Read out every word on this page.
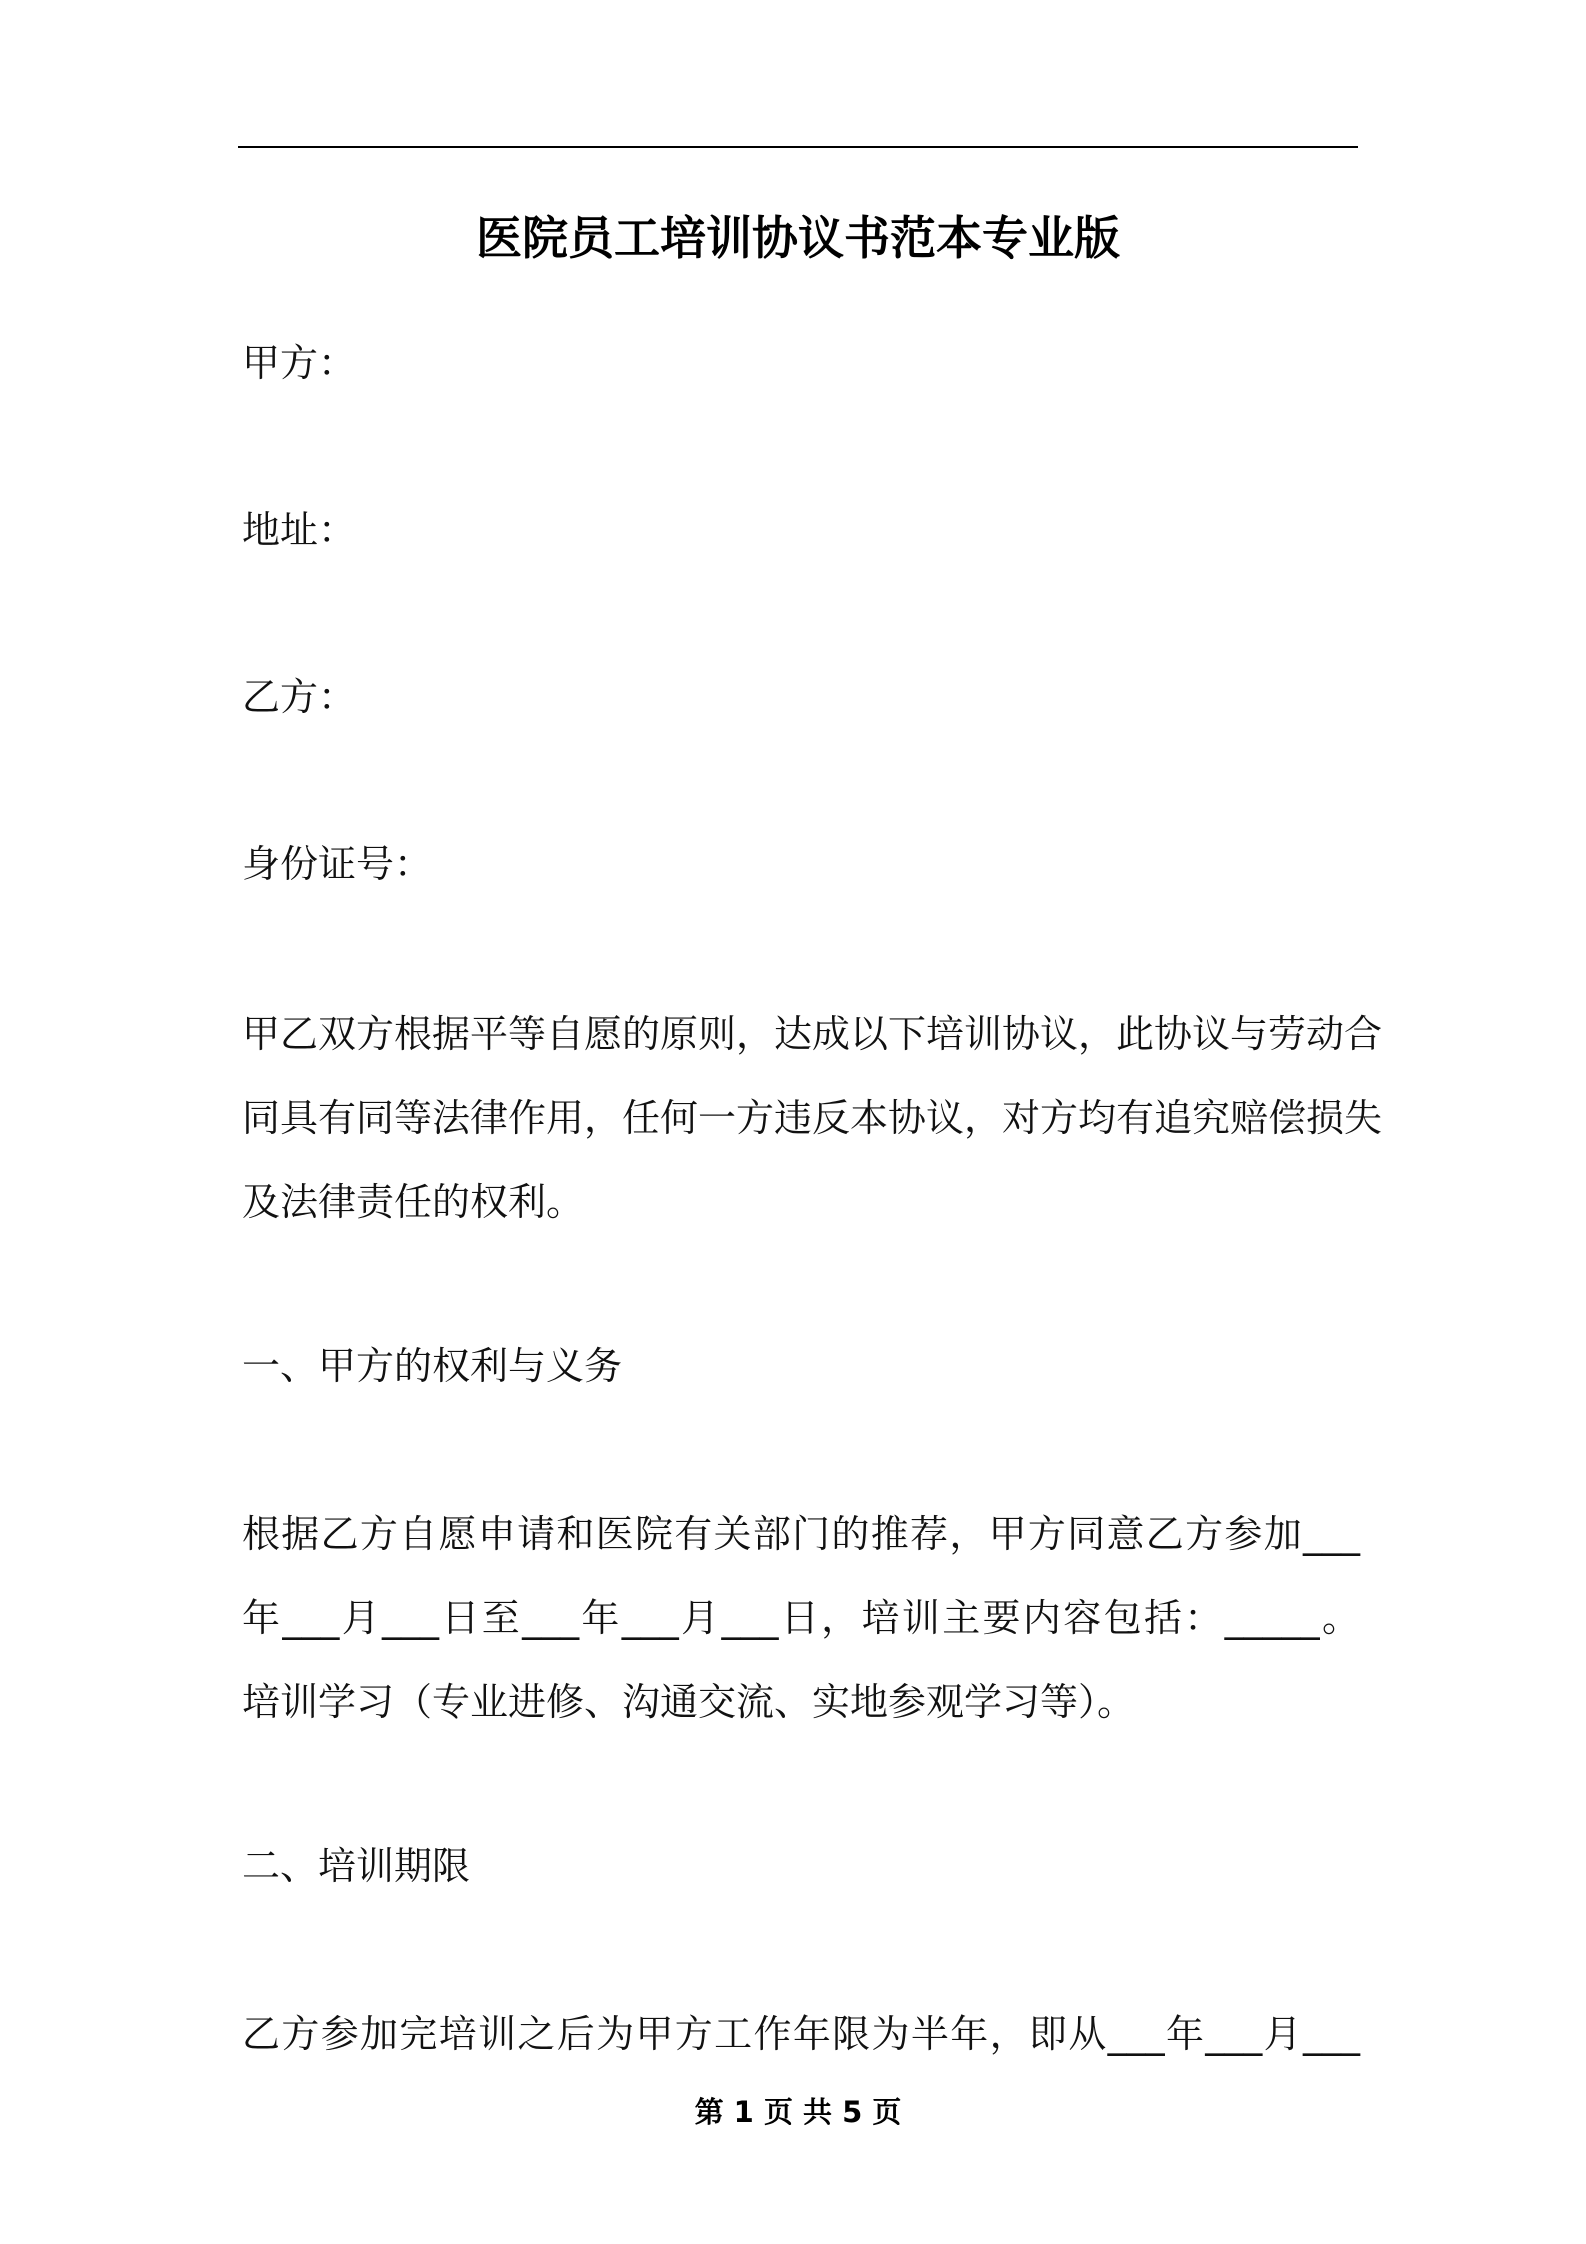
医院员工培训协议书范本专业版

甲方：

地址：

乙方：

身份证号：

甲乙双方根据平等自愿的原则，达成以下培训协议，此协议与劳动合
同具有同等法律作用，任何一方违反本协议，对方均有追究赔偿损失
及法律责任的权利。

一、甲方的权利与义务

根据乙方自愿申请和医院有关部门的推荐，甲方同意乙方参加___
年___月___日至___年___月___日，培训主要内容包括：_____。
培训学习（专业进修、沟通交流、实地参观学习等）。

二、培训期限

乙方参加完培训之后为甲方工作年限为半年，即从___年___月___
第 1 页 共 5 页
